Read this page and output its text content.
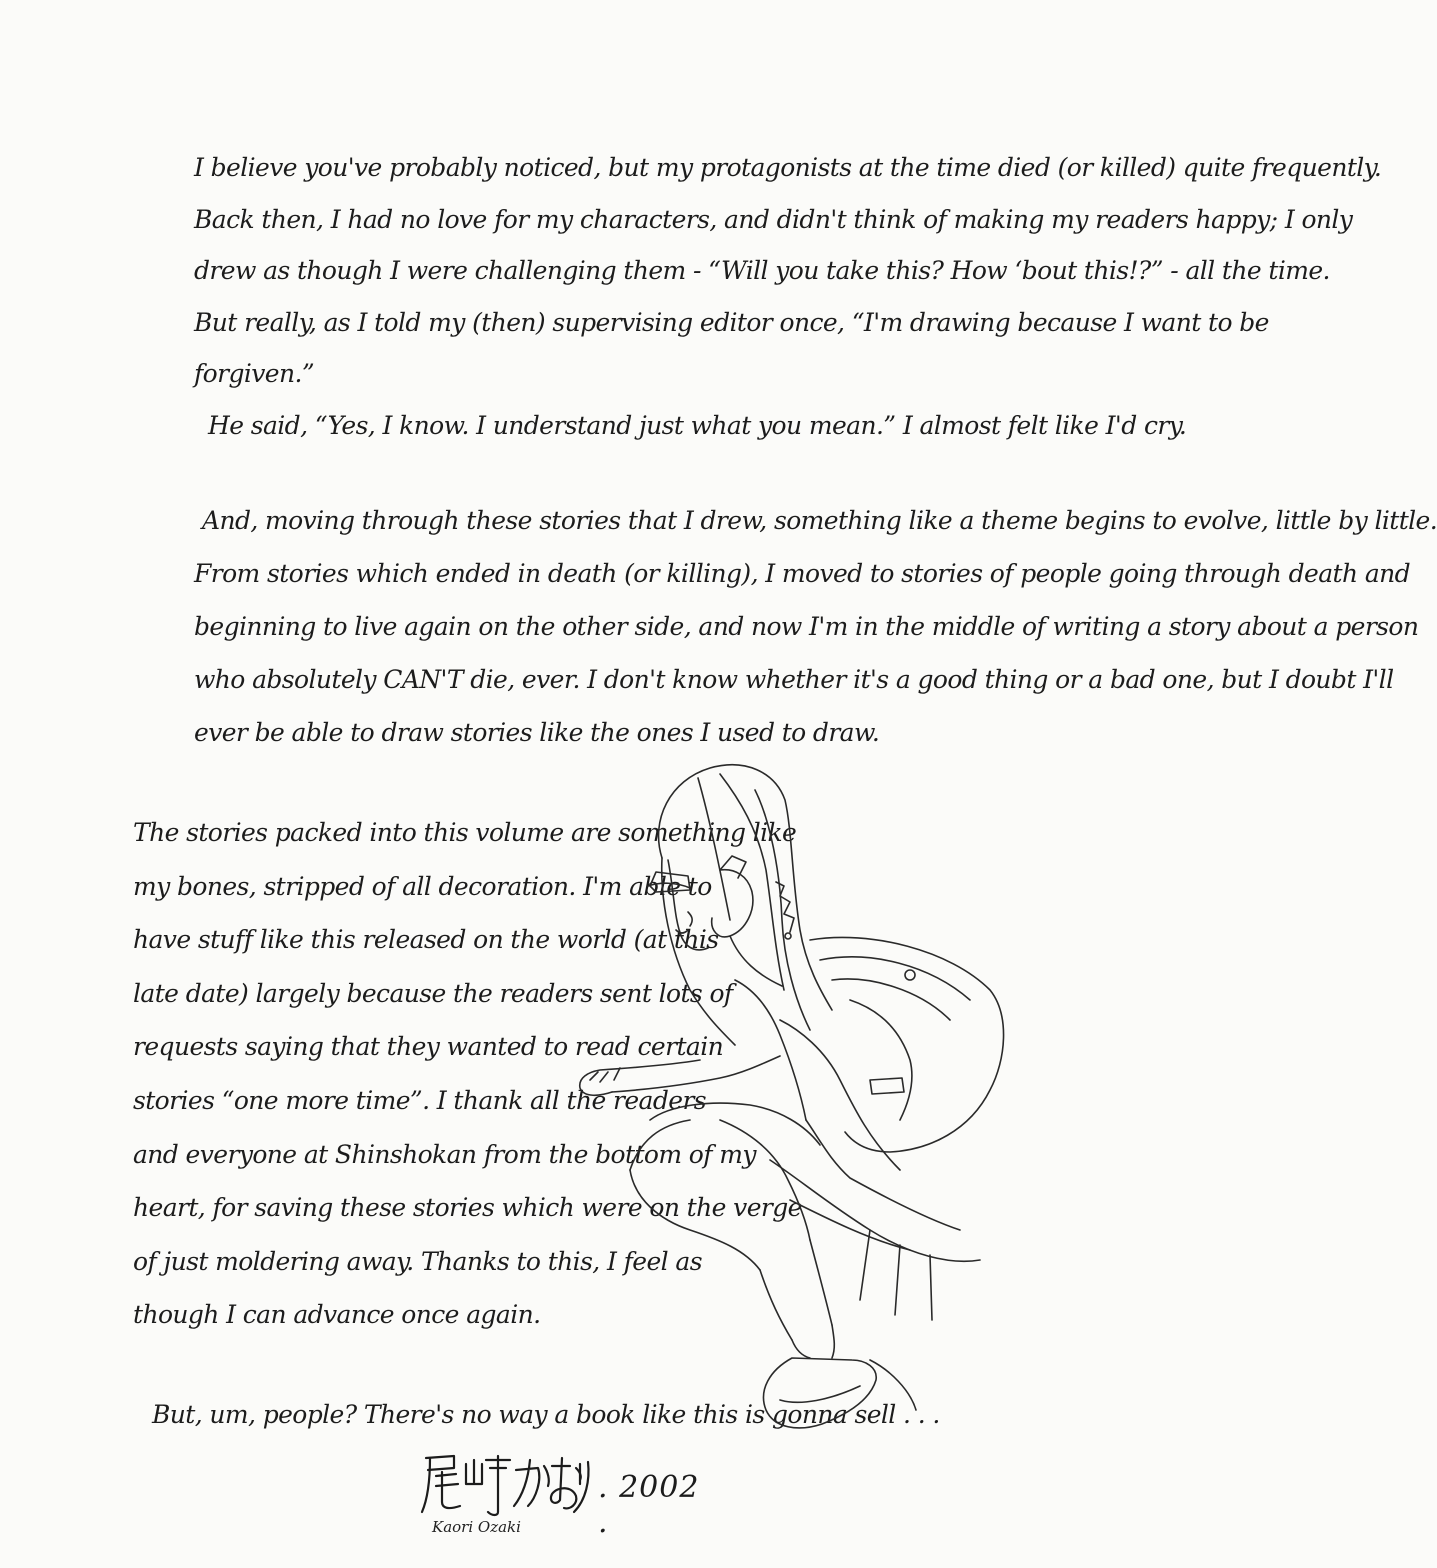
I believe you've probably noticed, but my protagonists at the time died (or killed) quite frequently.

Back then, I had no love for my characters, and didn't think of making my readers happy; I only

drew as though I were challenging them - “Will you take this? How ‘bout this!?” - all the time.

But really, as I told my (then) supervising editor once, “I'm drawing because I want to be

forgiven.”

He said, “Yes, I know. I understand just what you mean.” I almost felt like I'd cry.

And, moving through these stories that I drew, something like a theme begins to evolve, little by little.

From stories which ended in death (or killing), I moved to stories of people going through death and

beginning to live again on the other side, and now I'm in the middle of writing a story about a person

who absolutely CAN'T die, ever. I don't know whether it's a good thing or a bad one, but I doubt I'll

ever be able to draw stories like the ones I used to draw.

The stories packed into this volume are something like

my bones, stripped of all decoration. I'm able to

have stuff like this released on the world (at this

late date) largely because the readers sent lots of

requests saying that they wanted to read certain

stories “one more time”. I thank all the readers

and everyone at Shinshokan from the bottom of my

heart, for saving these stories which were on the verge

of just moldering away. Thanks to this, I feel as

though I can advance once again.

But, um, people? There's no way a book like this is gonna sell . . .

. 2002 .
Kaori Ozaki
